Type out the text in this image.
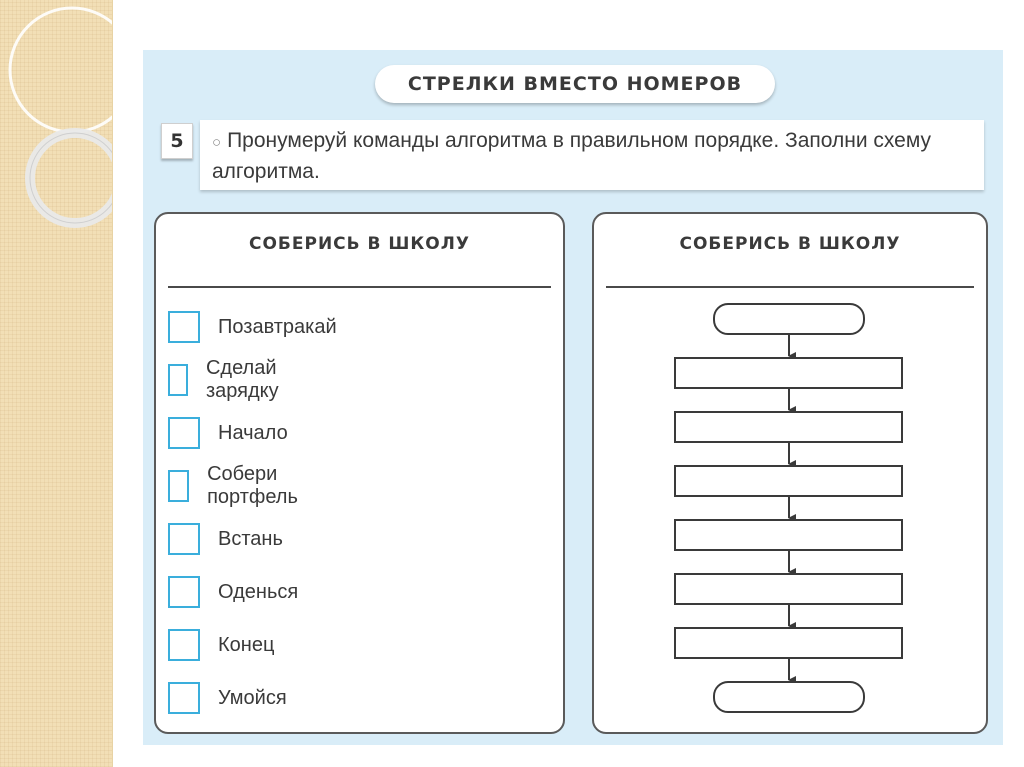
СТРЕЛКИ ВМЕСТО НОМЕРОВ
5	○ Пронумеруй команды алгоритма в правильном порядке. Заполни схему алгоритма.
СОБЕРИСЬ В ШКОЛУ
Позавтракай
Сделай зарядку
Начало
Собери портфель
Встань
Оденься
Конец
Умойся
СОБЕРИСЬ В ШКОЛУ
